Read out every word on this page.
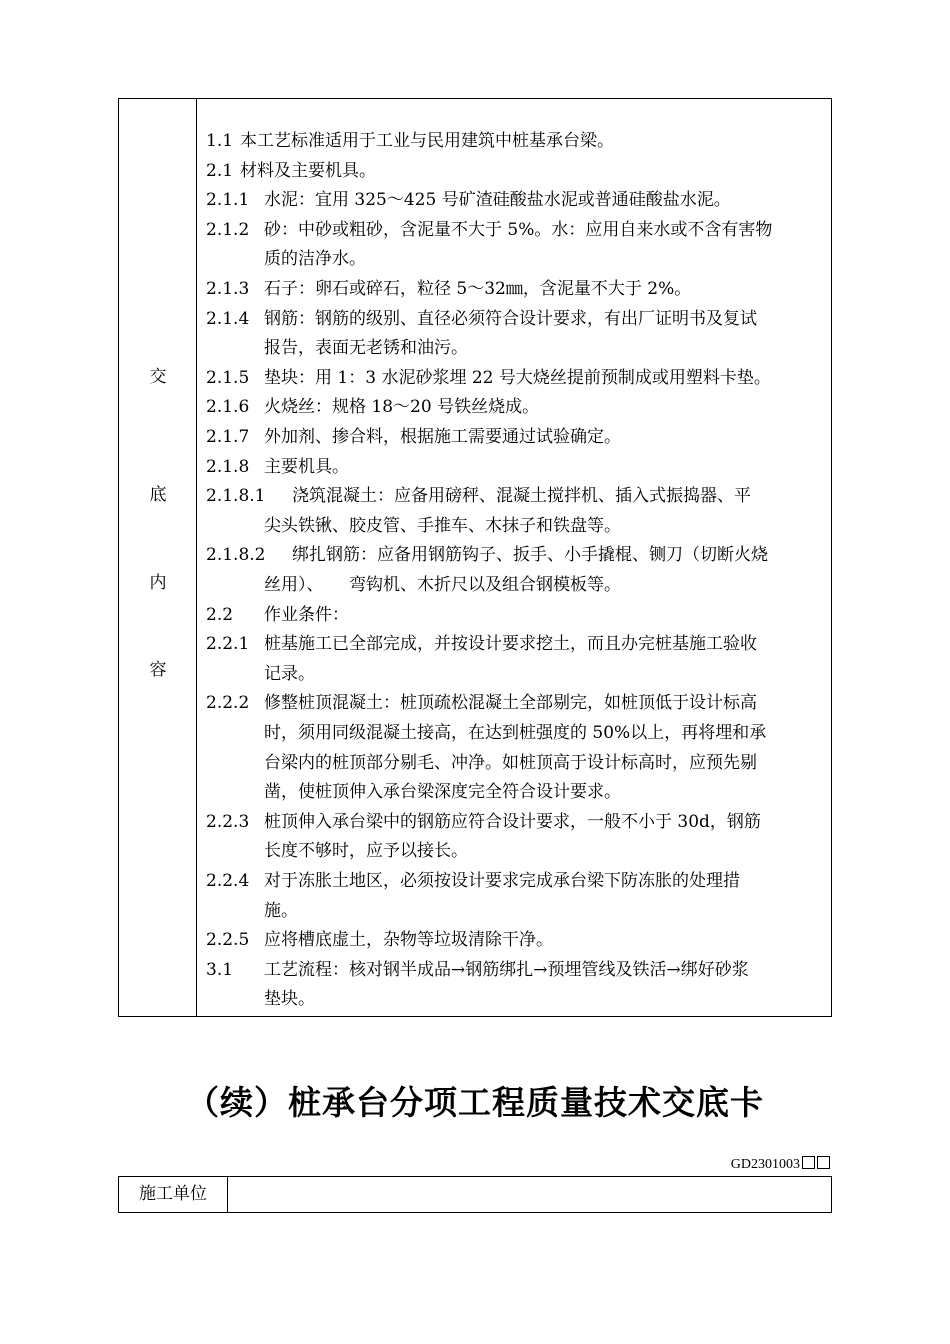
交
底
内
容
1.1 本工艺标准适用于工业与民用建筑中桩基承台梁。
2.1 材料及主要机具。
2.1.1 水泥：宜用 325～425 号矿渣硅酸盐水泥或普通硅酸盐水泥。
2.1.2 砂：中砂或粗砂，含泥量不大于 5%。水：应用自来水或不含有害物
质的洁净水。
2.1.3 石子：卵石或碎石，粒径 5～32㎜，含泥量不大于 2%。
2.1.4 钢筋：钢筋的级别、直径必须符合设计要求，有出厂证明书及复试
报告，表面无老锈和油污。
2.1.5 垫块：用 1：3 水泥砂浆埋 22 号大烧丝提前预制成或用塑料卡垫。
2.1.6 火烧丝：规格 18～20 号铁丝烧成。
2.1.7 外加剂、掺合料，根据施工需要通过试验确定。
2.1.8 主要机具。
2.1.8.1 浇筑混凝土：应备用磅秤、混凝土搅拌机、插入式振捣器、平
尖头铁锹、胶皮管、手推车、木抹子和铁盘等。
2.1.8.2 绑扎钢筋：应备用钢筋钩子、扳手、小手撬棍、铡刀（切断火烧
丝用）、　　弯钩机、木折尺以及组合钢模板等。
2.2 作业条件：
2.2.1 桩基施工已全部完成，并按设计要求挖土，而且办完桩基施工验收
记录。
2.2.2 修整桩顶混凝土：桩顶疏松混凝土全部剔完，如桩顶低于设计标高
时，须用同级混凝土接高，在达到桩强度的 50%以上，再将埋和承
台梁内的桩顶部分剔毛、冲净。如桩顶高于设计标高时，应预先剔
凿，使桩顶伸入承台梁深度完全符合设计要求。
2.2.3 桩顶伸入承台梁中的钢筋应符合设计要求，一般不小于 30d，钢筋
长度不够时，应予以接长。
2.2.4 对于冻胀土地区，必须按设计要求完成承台梁下防冻胀的处理措
施。
2.2.5 应将槽底虚土，杂物等垃圾清除干净。
3.1 工艺流程：核对钢半成品→钢筋绑扎→预埋管线及铁活→绑好砂浆
垫块。
（续）桩承台分项工程质量技术交底卡
GD2301003
施工单位
